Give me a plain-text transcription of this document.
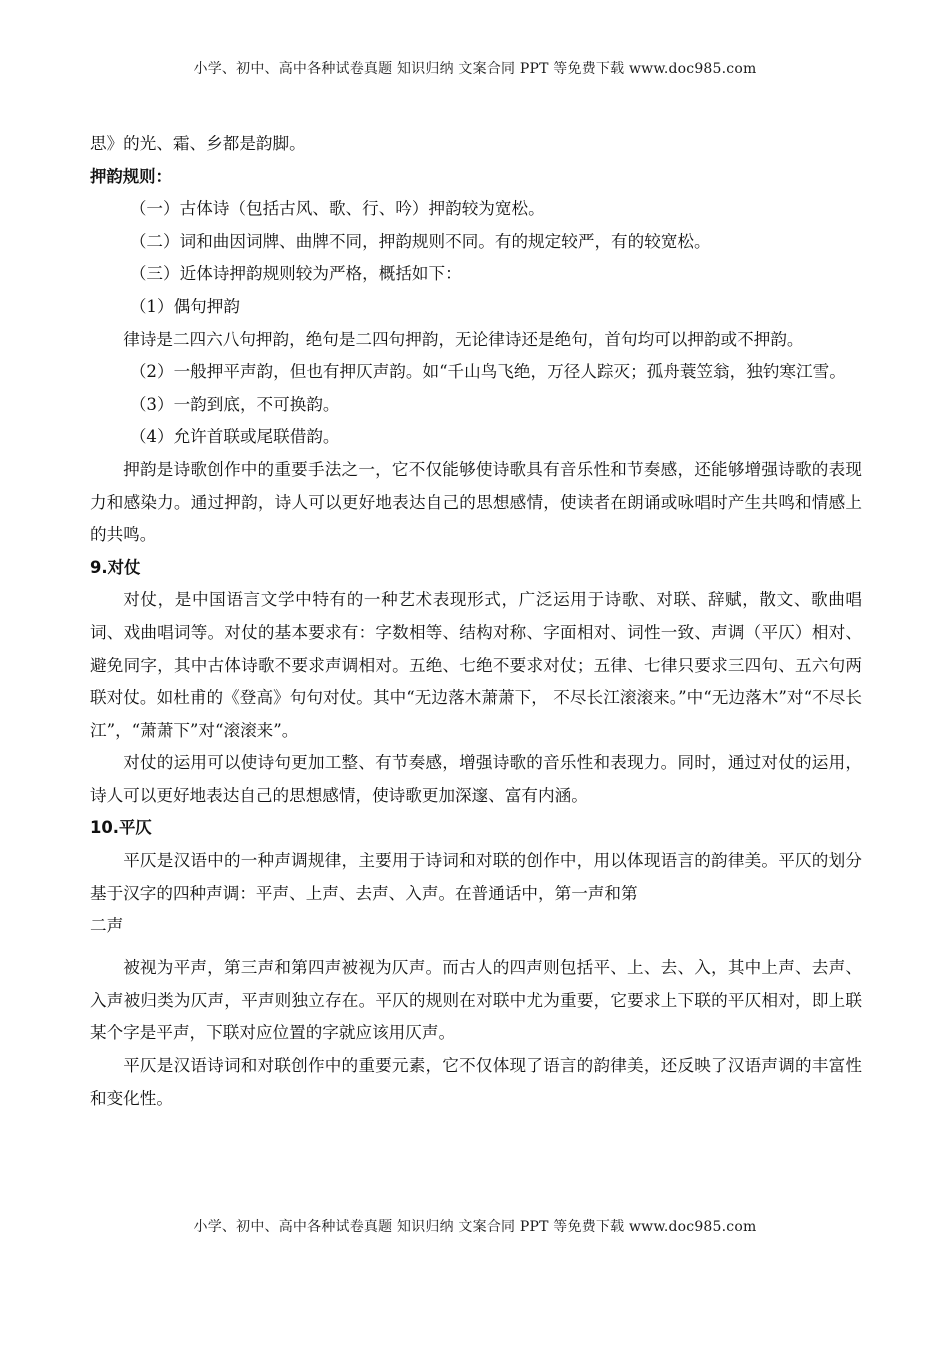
小学、初中、高中各种试卷真题 知识归纳 文案合同 PPT 等免费下载 www.doc985.com

思》的光、霜、乡都是韵脚。

押韵规则：

（一）古体诗（包括古风、歌、行、吟）押韵较为宽松。

（二）词和曲因词牌、曲牌不同，押韵规则不同。有的规定较严，有的较宽松。

（三）近体诗押韵规则较为严格，概括如下：

（1）偶句押韵

律诗是二四六八句押韵，绝句是二四句押韵，无论律诗还是绝句，首句均可以押韵或不押韵。

（2）一般押平声韵，但也有押仄声韵。如“千山鸟飞绝，万径人踪灭；孤舟蓑笠翁，独钓寒江雪。

（3）一韵到底，不可换韵。

（4）允许首联或尾联借韵。

押韵是诗歌创作中的重要手法之一，它不仅能够使诗歌具有音乐性和节奏感，还能够增强诗歌的表现力和感染力。通过押韵，诗人可以更好地表达自己的思想感情，使读者在朗诵或咏唱时产生共鸣和情感上的共鸣。

9.对仗

对仗，是中国语言文学中特有的一种艺术表现形式，广泛运用于诗歌、对联、辞赋，散文、歌曲唱词、戏曲唱词等。对仗的基本要求有：字数相等、结构对称、字面相对、词性一致、声调（平仄）相对、避免同字，其中古体诗歌不要求声调相对。五绝、七绝不要求对仗；五律、七律只要求三四句、五六句两联对仗。如杜甫的《登高》句句对仗。其中“无边落木萧萧下， 不尽长江滚滚来。”中“无边落木”对“不尽长江”，“萧萧下”对“滚滚来”。

对仗的运用可以使诗句更加工整、有节奏感，增强诗歌的音乐性和表现力。同时，通过对仗的运用，诗人可以更好地表达自己的思想感情，使诗歌更加深邃、富有内涵。

10.平仄

平仄是汉语中的一种声调规律，主要用于诗词和对联的创作中，用以体现语言的韵律美。平仄的划分基于汉字的四种声调：平声、上声、去声、入声。在普通话中，第一声和第

二声

被视为平声，第三声和第四声被视为仄声。而古人的四声则包括平、上、去、入，其中上声、去声、入声被归类为仄声，平声则独立存在。平仄的规则在对联中尤为重要，它要求上下联的平仄相对，即上联某个字是平声，下联对应位置的字就应该用仄声。

平仄是汉语诗词和对联创作中的重要元素，它不仅体现了语言的韵律美，还反映了汉语声调的丰富性和变化性。

小学、初中、高中各种试卷真题 知识归纳 文案合同 PPT 等免费下载 www.doc985.com
